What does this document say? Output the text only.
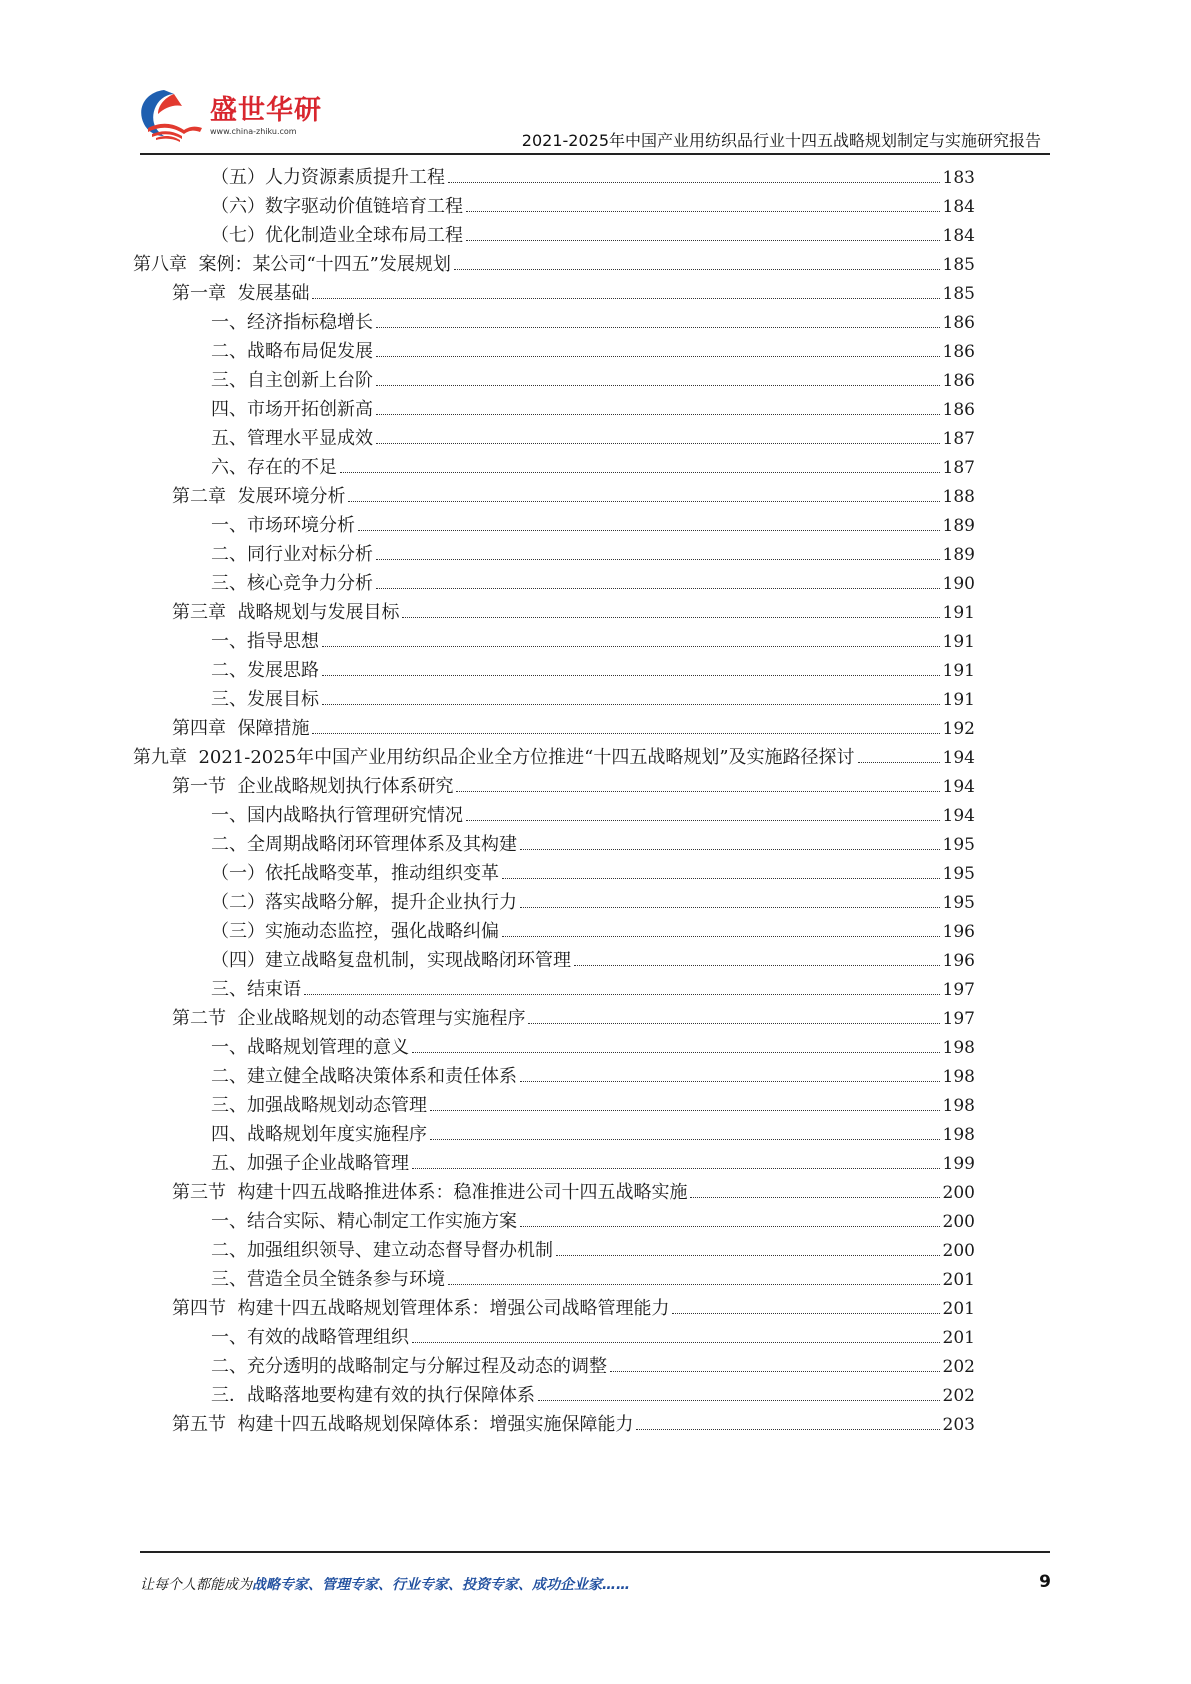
盛世华研
www.china-zhiku.com	2021-2025年中国产业用纺织品行业十四五战略规划制定与实施研究报告
（五）人力资源素质提升工程	183
（六）数字驱动价值链培育工程	184
（七）优化制造业全球布局工程	184
第八章  案例：某公司“十四五”发展规划	185
第一章  发展基础	185
一、经济指标稳增长	186
二、战略布局促发展	186
三、自主创新上台阶	186
四、市场开拓创新高	186
五、管理水平显成效	187
六、存在的不足	187
第二章  发展环境分析	188
一、市场环境分析	189
二、同行业对标分析	189
三、核心竞争力分析	190
第三章  战略规划与发展目标	191
一、指导思想	191
二、发展思路	191
三、发展目标	191
第四章  保障措施	192
第九章  2021-2025年中国产业用纺织品企业全方位推进“十四五战略规划”及实施路径探讨	194
第一节  企业战略规划执行体系研究	194
一、国内战略执行管理研究情况	194
二、全周期战略闭环管理体系及其构建	195
（一）依托战略变革，推动组织变革	195
（二）落实战略分解，提升企业执行力	195
（三）实施动态监控，强化战略纠偏	196
（四）建立战略复盘机制，实现战略闭环管理	196
三、结束语	197
第二节  企业战略规划的动态管理与实施程序	197
一、战略规划管理的意义	198
二、建立健全战略决策体系和责任体系	198
三、加强战略规划动态管理	198
四、战略规划年度实施程序	198
五、加强子企业战略管理	199
第三节  构建十四五战略推进体系：稳准推进公司十四五战略实施	200
一、结合实际、精心制定工作实施方案	200
二、加强组织领导、建立动态督导督办机制	200
三、营造全员全链条参与环境	201
第四节  构建十四五战略规划管理体系：增强公司战略管理能力	201
一、有效的战略管理组织	201
二、充分透明的战略制定与分解过程及动态的调整	202
三．战略落地要构建有效的执行保障体系	202
第五节  构建十四五战略规划保障体系：增强实施保障能力	203
让每个人都能成为战略专家、管理专家、行业专家、投资专家、成功企业家……	9
